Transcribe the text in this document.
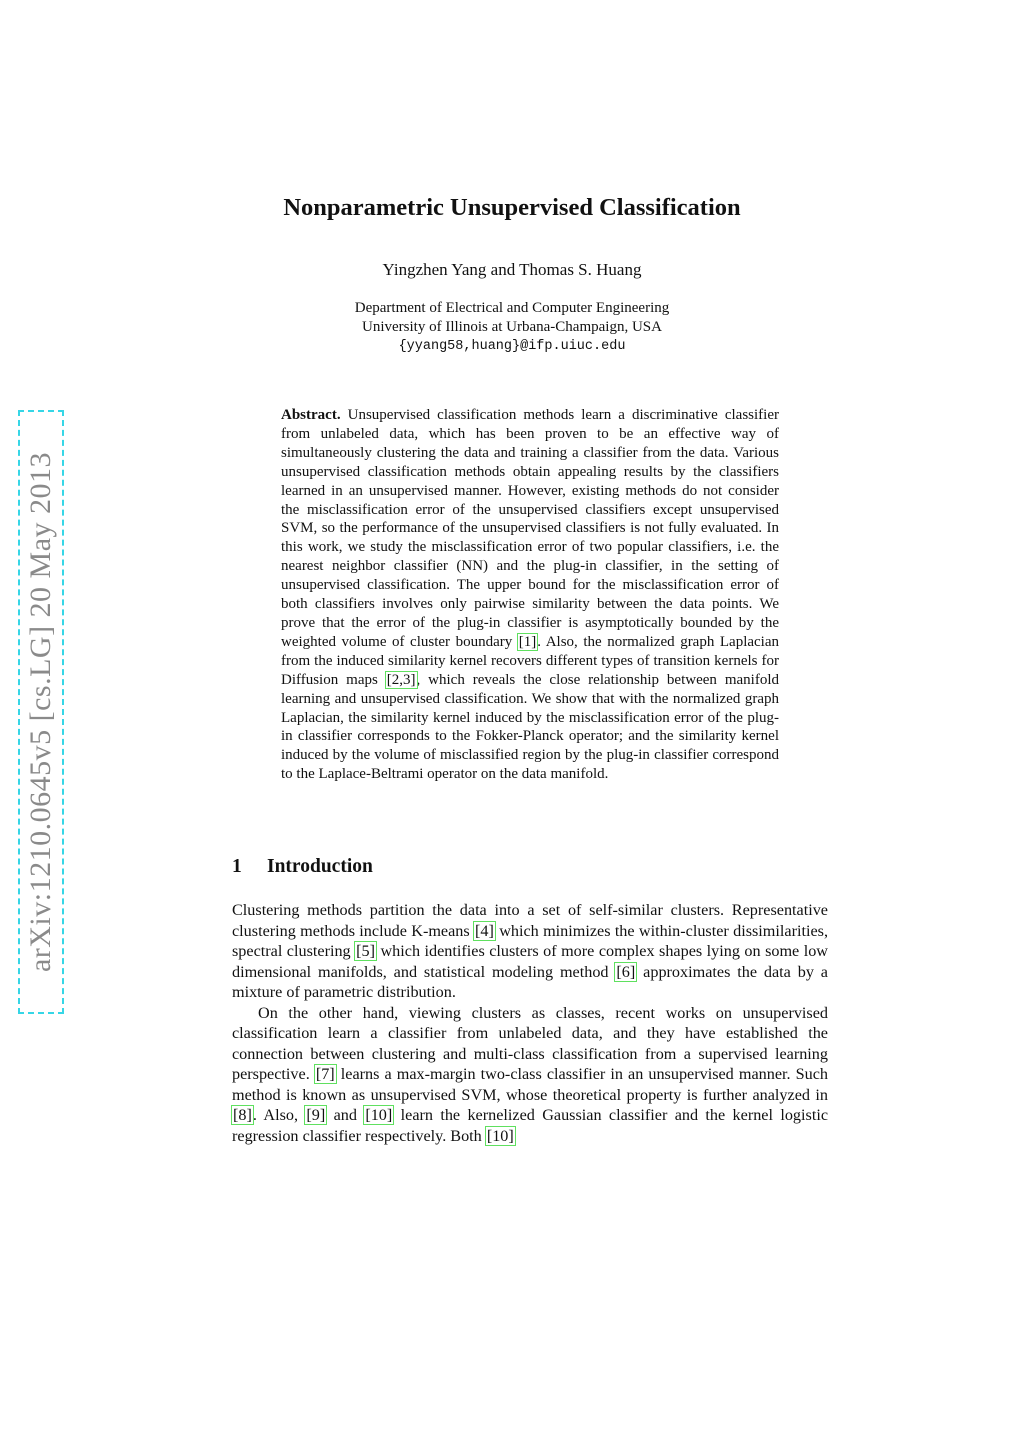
arXiv:1210.0645v5 [cs.LG] 20 May 2013
Nonparametric Unsupervised Classification
Yingzhen Yang and Thomas S. Huang
Department of Electrical and Computer Engineering
University of Illinois at Urbana-Champaign, USA
{yyang58,huang}@ifp.uiuc.edu

Abstract. Unsupervised classification methods learn a discriminative classifier from unlabeled data, which has been proven to be an effective way of simultaneously clustering the data and training a classifier from the data. Various unsupervised classification methods obtain appealing results by the classifiers learned in an unsupervised manner. However, existing methods do not consider the misclassification error of the unsupervised classifiers except unsupervised SVM, so the performance of the unsupervised classifiers is not fully evaluated. In this work, we study the misclassification error of two popular classifiers, i.e. the nearest neighbor classifier (NN) and the plug-in classifier, in the setting of unsupervised classification. The upper bound for the misclassification error of both classifiers involves only pairwise similarity between the data points. We prove that the error of the plug-in classifier is asymptotically bounded by the weighted volume of cluster boundary [1]. Also, the normalized graph Laplacian from the induced similarity kernel recovers different types of transition kernels for Diffusion maps [2,3], which reveals the close relationship between manifold learning and unsupervised classification. We show that with the normalized graph Laplacian, the similarity kernel induced by the misclassification error of the plug-in classifier corresponds to the Fokker-Planck operator; and the similarity kernel induced by the volume of misclassified region by the plug-in classifier correspond to the Laplace-Beltrami operator on the data manifold.

1 Introduction

Clustering methods partition the data into a set of self-similar clusters. Representative clustering methods include K-means [4] which minimizes the within-cluster dissimilarities, spectral clustering [5] which identifies clusters of more complex shapes lying on some low dimensional manifolds, and statistical modeling method [6] approximates the data by a mixture of parametric distribution.

On the other hand, viewing clusters as classes, recent works on unsupervised classification learn a classifier from unlabeled data, and they have established the connection between clustering and multi-class classification from a supervised learning perspective. [7] learns a max-margin two-class classifier in an unsupervised manner. Such method is known as unsupervised SVM, whose theoretical property is further analyzed in [8]. Also, [9] and [10] learn the kernelized Gaussian classifier and the kernel logistic regression classifier respectively. Both [10]
